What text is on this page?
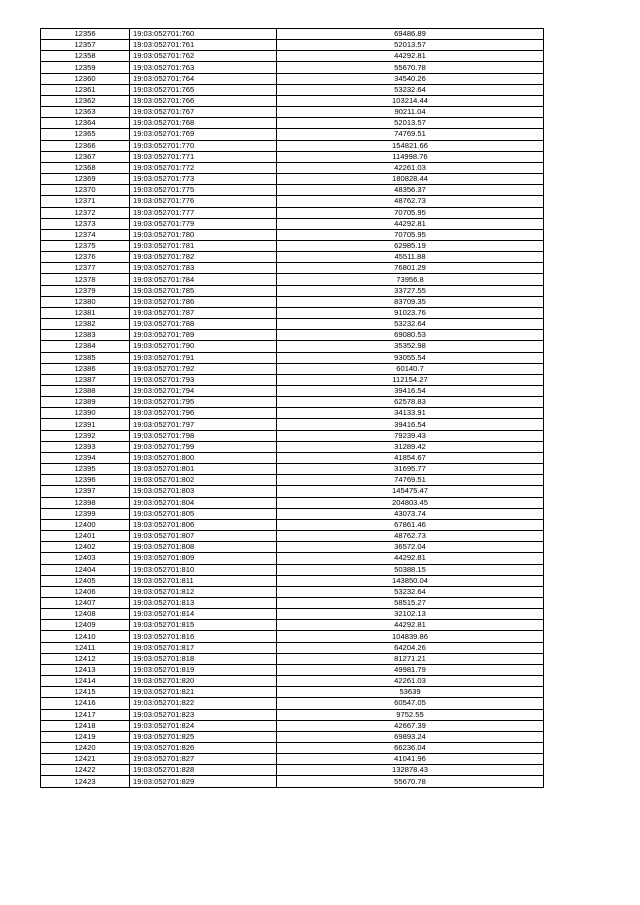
12356	19:03:052701:760	69486.89
12357	19:03:052701:761	52013.57
12358	19:03:052701:762	44292.81
12359	19:03:052701:763	55670.78
12360	19:03:052701:764	34540.26
12361	19:03:052701:765	53232.64
12362	19:03:052701:766	103214.44
12363	19:03:052701:767	90211.04
12364	19:03:052701:768	52013.57
12365	19:03:052701:769	74769.51
12366	19:03:052701:770	154821.66
12367	19:03:052701:771	114998.76
12368	19:03:052701:772	42261.03
12369	19:03:052701:773	180828.44
12370	19:03:052701:775	48356.37
12371	19:03:052701:776	48762.73
12372	19:03:052701:777	70705.95
12373	19:03:052701:779	44292.81
12374	19:03:052701:780	70705.95
12375	19:03:052701:781	62985.19
12376	19:03:052701:782	45511.88
12377	19:03:052701:783	76801.29
12378	19:03:052701:784	73956.8
12379	19:03:052701:785	33727.55
12380	19:03:052701:786	83709.35
12381	19:03:052701:787	91023.76
12382	19:03:052701:788	53232.64
12383	19:03:052701:789	69080.53
12384	19:03:052701:790	35352.98
12385	19:03:052701:791	93055.54
12386	19:03:052701:792	60140.7
12387	19:03:052701:793	112154.27
12388	19:03:052701:794	39416.54
12389	19:03:052701:795	62578.83
12390	19:03:052701:796	34133.91
12391	19:03:052701:797	39416.54
12392	19:03:052701:798	79239.43
12393	19:03:052701:799	31289.42
12394	19:03:052701:800	41854.67
12395	19:03:052701:801	31695.77
12396	19:03:052701:802	74769.51
12397	19:03:052701:803	145475.47
12398	19:03:052701:804	204803.45
12399	19:03:052701:805	43073.74
12400	19:03:052701:806	67861.46
12401	19:03:052701:807	48762.73
12402	19:03:052701:808	36572.04
12403	19:03:052701:809	44292.81
12404	19:03:052701:810	50388.15
12405	19:03:052701:811	143850.04
12406	19:03:052701:812	53232.64
12407	19:03:052701:813	58515.27
12408	19:03:052701:814	32102.13
12409	19:03:052701:815	44292.81
12410	19:03:052701:816	104839.86
12411	19:03:052701:817	64204.26
12412	19:03:052701:818	81271.21
12413	19:03:052701:819	49981.79
12414	19:03:052701:820	42261.03
12415	19:03:052701:821	53639
12416	19:03:052701:822	60547.05
12417	19:03:052701:823	9752.55
12418	19:03:052701:824	42667.39
12419	19:03:052701:825	69893.24
12420	19:03:052701:826	66236.04
12421	19:03:052701:827	41041.96
12422	19:03:052701:828	132878.43
12423	19:03:052701:829	55670.78
